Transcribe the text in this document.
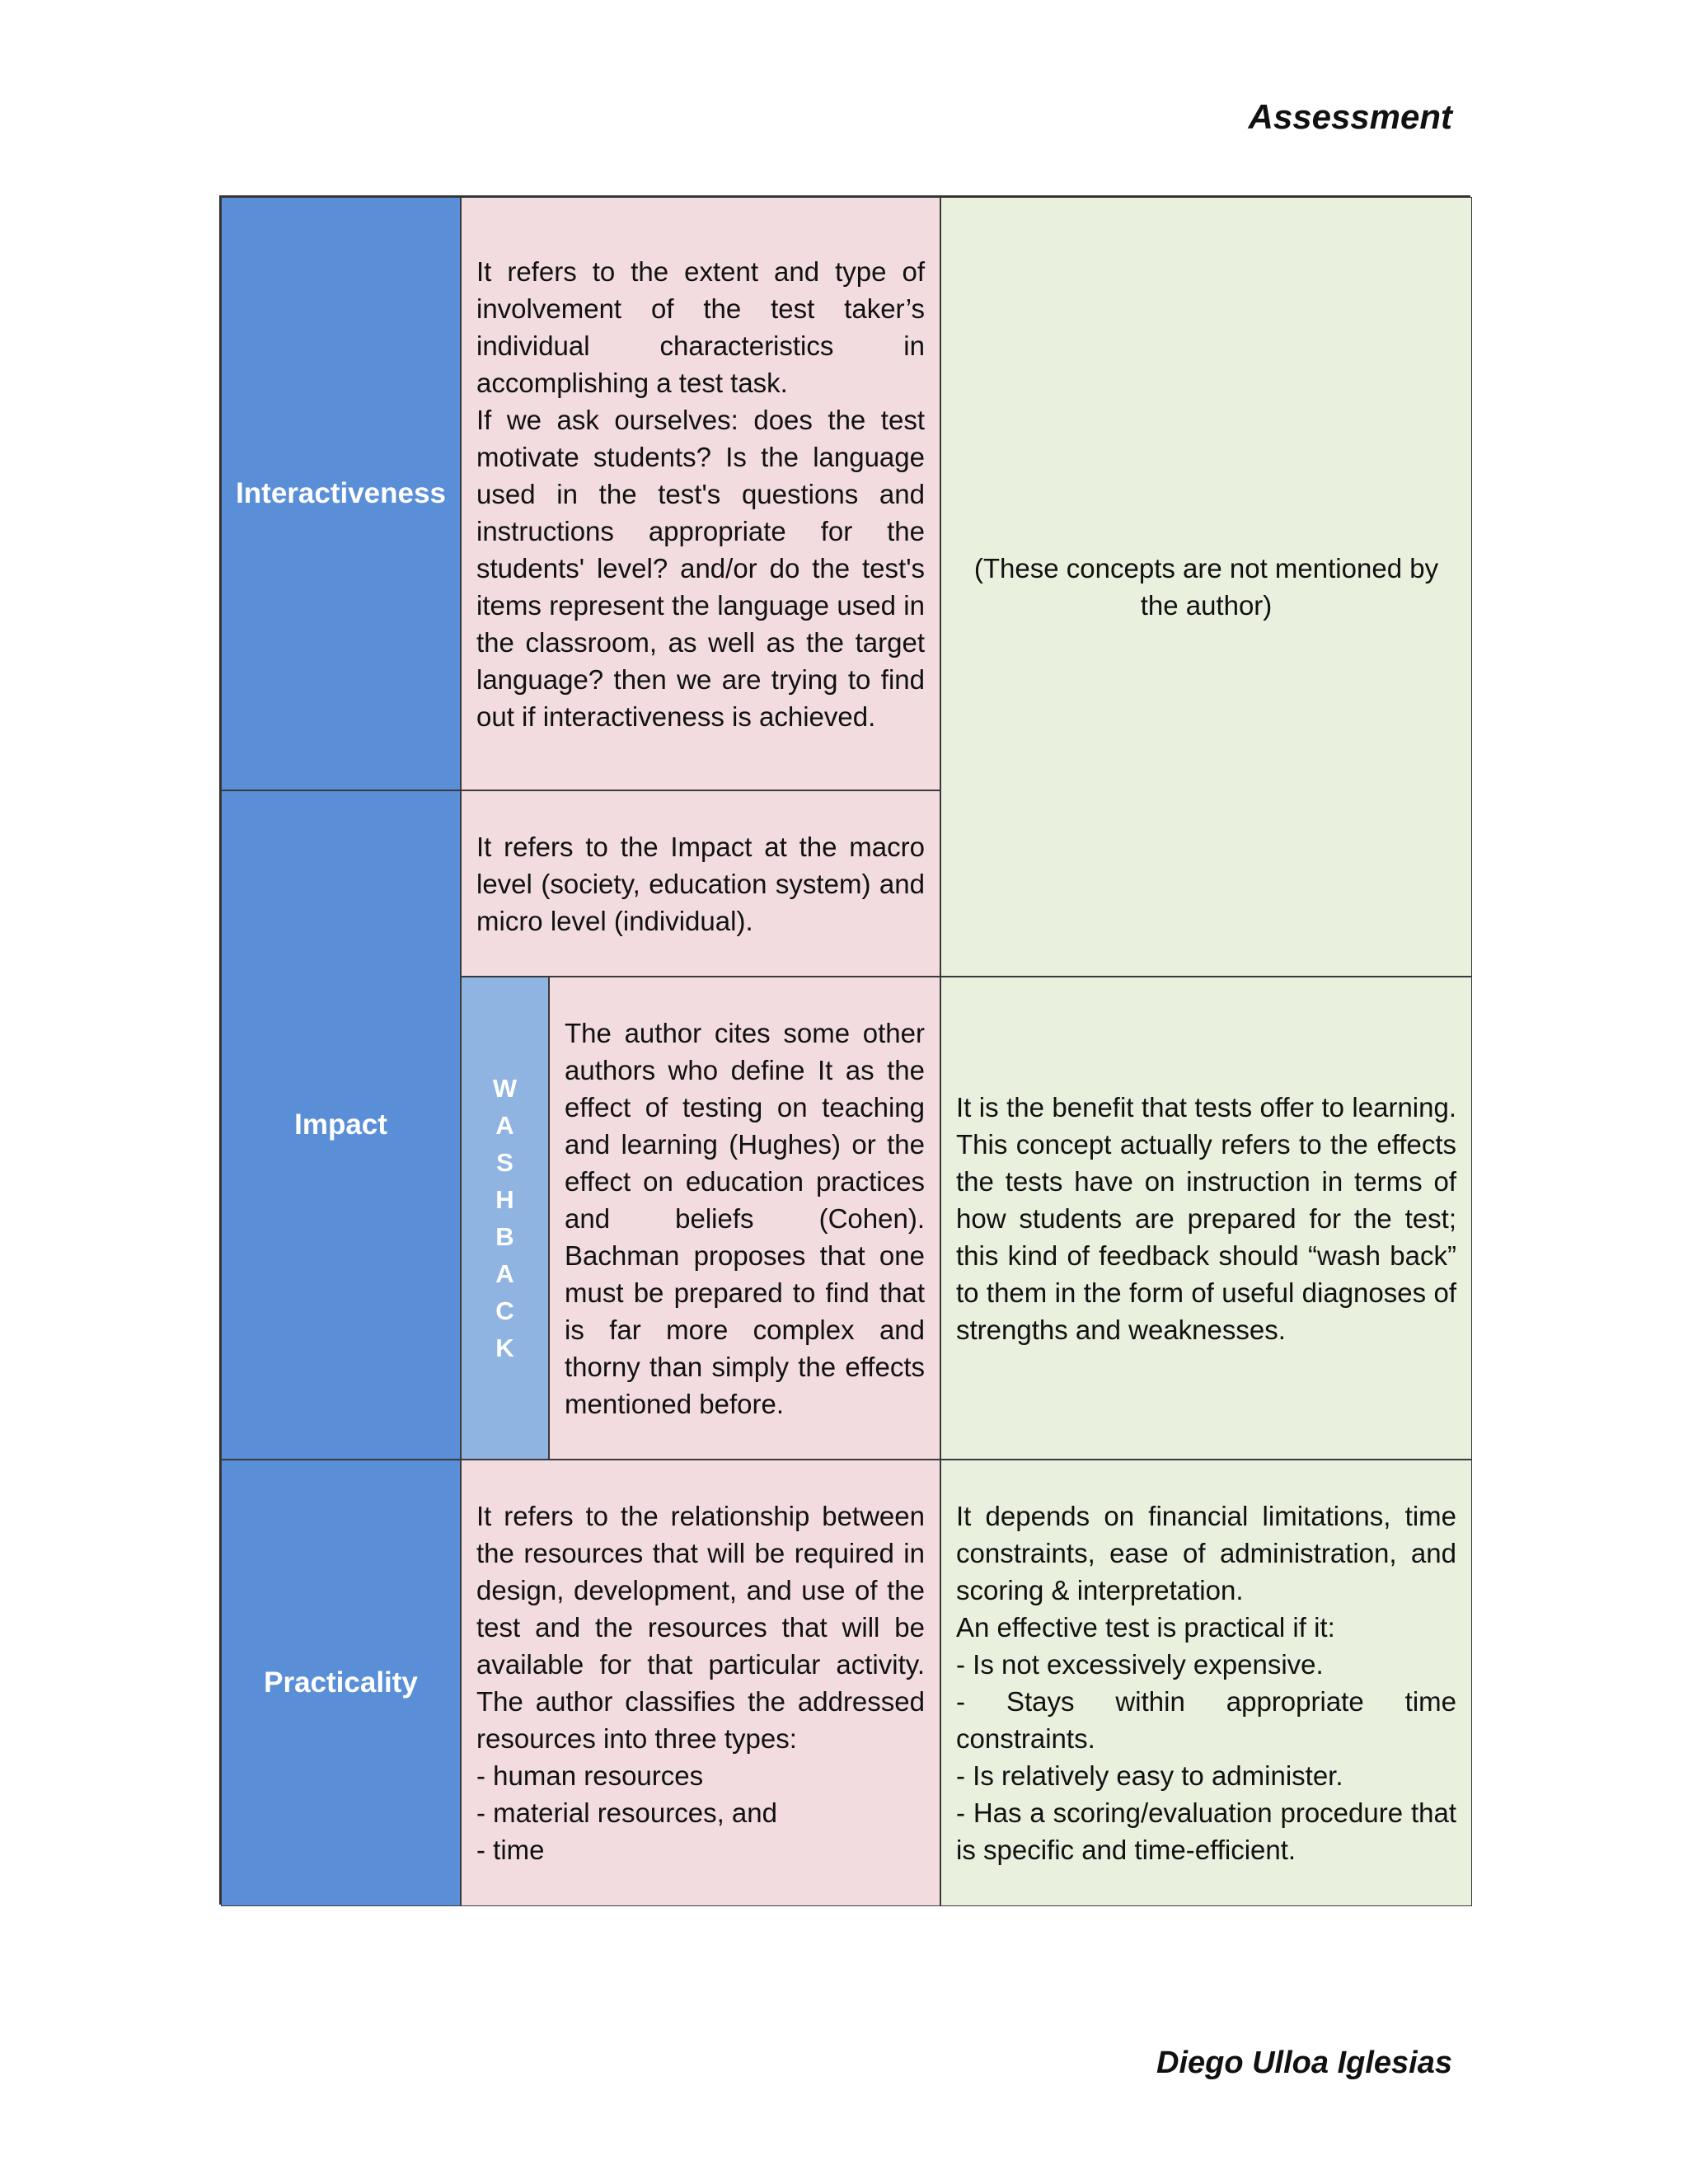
Assessment
Interactiveness

It refers to the extent and type of involvement of the test taker’s individual characteristics in accomplishing a test task.

If we ask ourselves: does the test motivate students? Is the language used in the test's questions and instructions appropriate for the students' level? and/or do the test's items represent the language used in the classroom, as well as the target language? then we are trying to find out if interactiveness is achieved.

(These concepts are not mentioned by the author)

Impact

It refers to the Impact at the macro level (society, education system) and micro level (individual).

W
A
S
H
B
A
C
K

The author cites some other authors who define It as the effect of testing on teaching and learning (Hughes) or the effect on education practices and beliefs (Cohen). Bachman proposes that one must be prepared to find that is far more complex and thorny than simply the effects mentioned before.

It is the benefit that tests offer to learning. This concept actually refers to the effects the tests have on instruction in terms of how students are prepared for the test; this kind of feedback should “wash back” to them in the form of useful diagnoses of strengths and weaknesses.

Practicality

It refers to the relationship between the resources that will be required in design, development, and use of the test and the resources that will be available for that particular activity. The author classifies the addressed resources into three types:

- human resources
- material resources, and
- time

It depends on financial limitations, time constraints, ease of administration, and scoring & interpretation.

An effective test is practical if it:
- Is not excessively expensive.
- Stays within appropriate time constraints.
- Is relatively easy to administer.
- Has a scoring/evaluation procedure that is specific and time-efficient.
Diego Ulloa Iglesias
